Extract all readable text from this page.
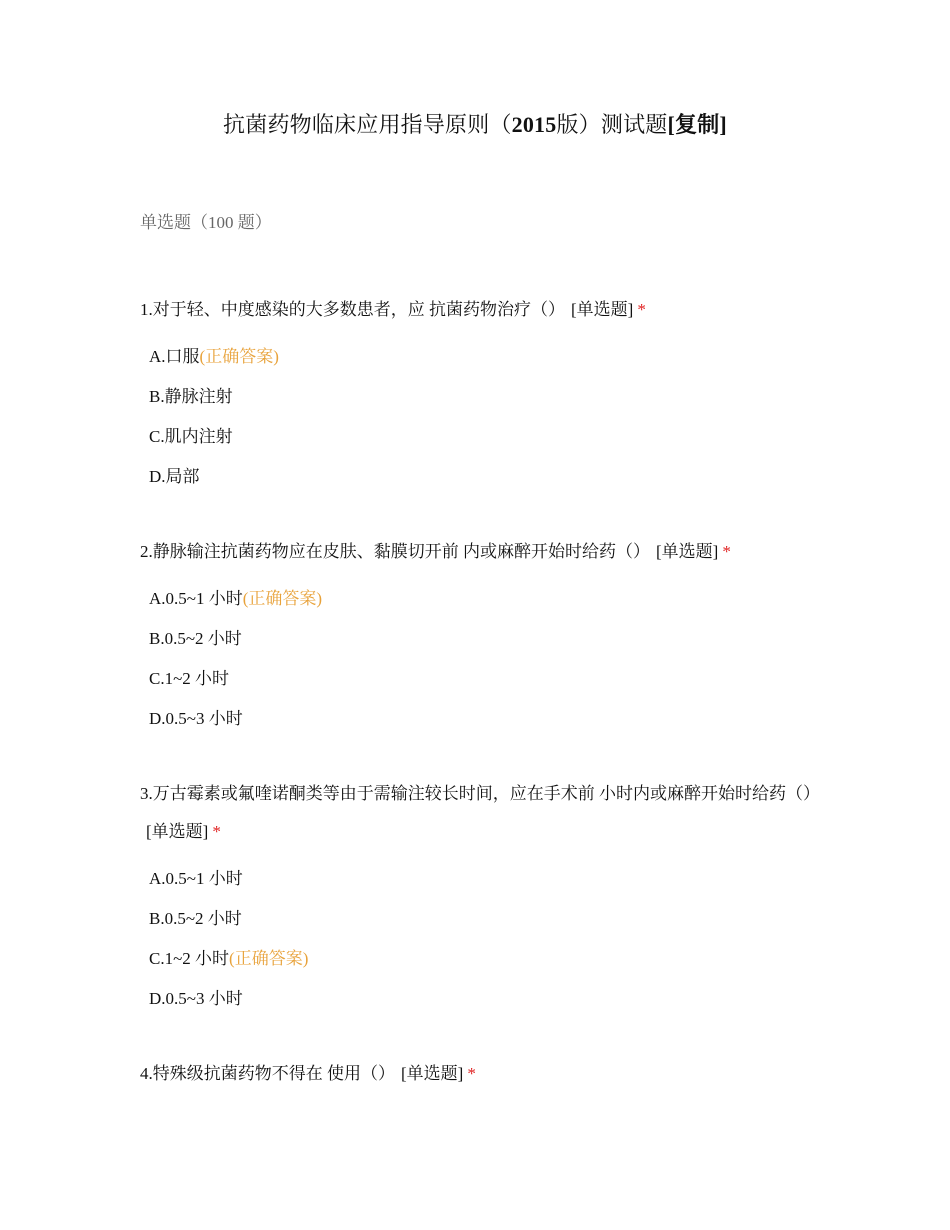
抗菌药物临床应用指导原则（2015版）测试题[复制]
单选题（100 题）

1.对于轻、中度感染的大多数患者，应 抗菌药物治疗（） [单选题] *

A.口服(正确答案)
B.静脉注射
C.肌内注射
D.局部

2.静脉输注抗菌药物应在皮肤、黏膜切开前 内或麻醉开始时给药（） [单选题] *

A.0.5~1 小时(正确答案)
B.0.5~2 小时
C.1~2 小时
D.0.5~3 小时

3.万古霉素或氟喹诺酮类等由于需输注较长时间，应在手术前 小时内或麻醉开始时给药（）[单选题] *

A.0.5~1 小时
B.0.5~2 小时
C.1~2 小时(正确答案)
D.0.5~3 小时

4.特殊级抗菌药物不得在 使用（） [单选题] *
